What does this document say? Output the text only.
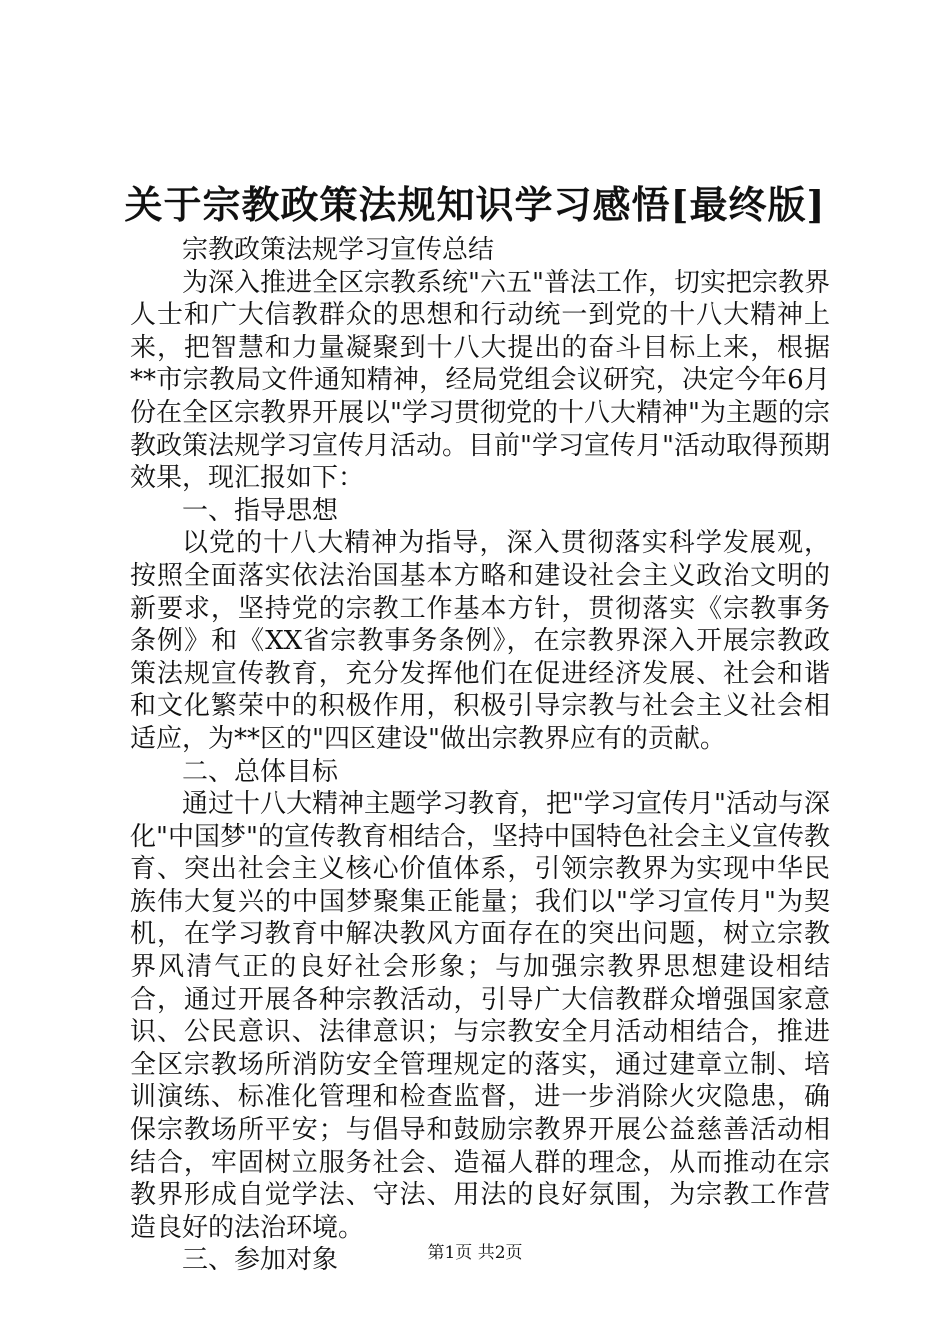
关于宗教政策法规知识学习感悟[最终版]

宗教政策法规学习宣传总结

为深入推进全区宗教系统"六五"普法工作，切实把宗教界人士和广大信教群众的思想和行动统一到党的十八大精神上来，把智慧和力量凝聚到十八大提出的奋斗目标上来，根据**市宗教局文件通知精神，经局党组会议研究，决定今年6月份在全区宗教界开展以"学习贯彻党的十八大精神"为主题的宗教政策法规学习宣传月活动。目前"学习宣传月"活动取得预期效果，现汇报如下：

一、指导思想

以党的十八大精神为指导，深入贯彻落实科学发展观，按照全面落实依法治国基本方略和建设社会主义政治文明的新要求，坚持党的宗教工作基本方针，贯彻落实《宗教事务条例》和《XX省宗教事务条例》，在宗教界深入开展宗教政策法规宣传教育，充分发挥他们在促进经济发展、社会和谐和文化繁荣中的积极作用，积极引导宗教与社会主义社会相适应，为**区的"四区建设"做出宗教界应有的贡献。

二、总体目标

通过十八大精神主题学习教育，把"学习宣传月"活动与深化"中国梦"的宣传教育相结合，坚持中国特色社会主义宣传教育、突出社会主义核心价值体系，引领宗教界为实现中华民族伟大复兴的中国梦聚集正能量；我们以"学习宣传月"为契机，在学习教育中解决教风方面存在的突出问题，树立宗教界风清气正的良好社会形象；与加强宗教界思想建设相结合，通过开展各种宗教活动，引导广大信教群众增强国家意识、公民意识、法律意识；与宗教安全月活动相结合，推进全区宗教场所消防安全管理规定的落实，通过建章立制、培训演练、标准化管理和检查监督，进一步消除火灾隐患，确保宗教场所平安；与倡导和鼓励宗教界开展公益慈善活动相结合，牢固树立服务社会、造福人群的理念，从而推动在宗教界形成自觉学法、守法、用法的良好氛围，为宗教工作营造良好的法治环境。

三、参加对象	第1页 共2页
